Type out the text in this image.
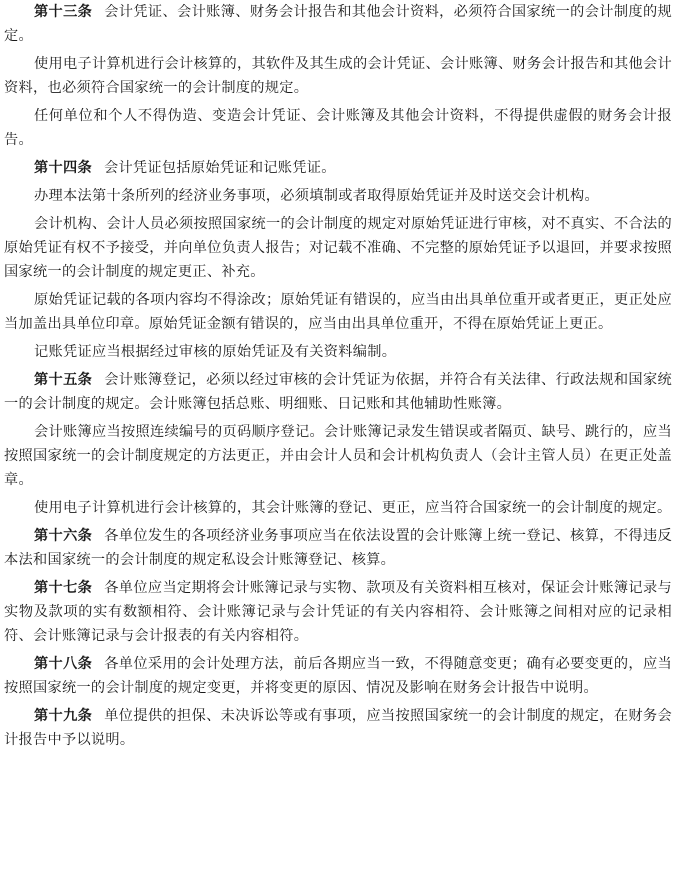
第十三条 会计凭证、会计账簿、财务会计报告和其他会计资料，必须符合国家统一的会计制度的规定。

使用电子计算机进行会计核算的，其软件及其生成的会计凭证、会计账簿、财务会计报告和其他会计资料，也必须符合国家统一的会计制度的规定。

任何单位和个人不得伪造、变造会计凭证、会计账簿及其他会计资料，不得提供虚假的财务会计报告。

第十四条 会计凭证包括原始凭证和记账凭证。

办理本法第十条所列的经济业务事项，必须填制或者取得原始凭证并及时送交会计机构。

会计机构、会计人员必须按照国家统一的会计制度的规定对原始凭证进行审核，对不真实、不合法的原始凭证有权不予接受，并向单位负责人报告；对记载不准确、不完整的原始凭证予以退回，并要求按照国家统一的会计制度的规定更正、补充。

原始凭证记载的各项内容均不得涂改；原始凭证有错误的，应当由出具单位重开或者更正，更正处应当加盖出具单位印章。原始凭证金额有错误的，应当由出具单位重开，不得在原始凭证上更正。

记账凭证应当根据经过审核的原始凭证及有关资料编制。

第十五条 会计账簿登记，必须以经过审核的会计凭证为依据，并符合有关法律、行政法规和国家统一的会计制度的规定。会计账簿包括总账、明细账、日记账和其他辅助性账簿。

会计账簿应当按照连续编号的页码顺序登记。会计账簿记录发生错误或者隔页、缺号、跳行的，应当按照国家统一的会计制度规定的方法更正，并由会计人员和会计机构负责人（会计主管人员）在更正处盖章。

使用电子计算机进行会计核算的，其会计账簿的登记、更正，应当符合国家统一的会计制度的规定。

第十六条 各单位发生的各项经济业务事项应当在依法设置的会计账簿上统一登记、核算，不得违反本法和国家统一的会计制度的规定私设会计账簿登记、核算。

第十七条 各单位应当定期将会计账簿记录与实物、款项及有关资料相互核对，保证会计账簿记录与实物及款项的实有数额相符、会计账簿记录与会计凭证的有关内容相符、会计账簿之间相对应的记录相符、会计账簿记录与会计报表的有关内容相符。

第十八条 各单位采用的会计处理方法，前后各期应当一致，不得随意变更；确有必要变更的，应当按照国家统一的会计制度的规定变更，并将变更的原因、情况及影响在财务会计报告中说明。

第十九条 单位提供的担保、未决诉讼等或有事项，应当按照国家统一的会计制度的规定，在财务会计报告中予以说明。
